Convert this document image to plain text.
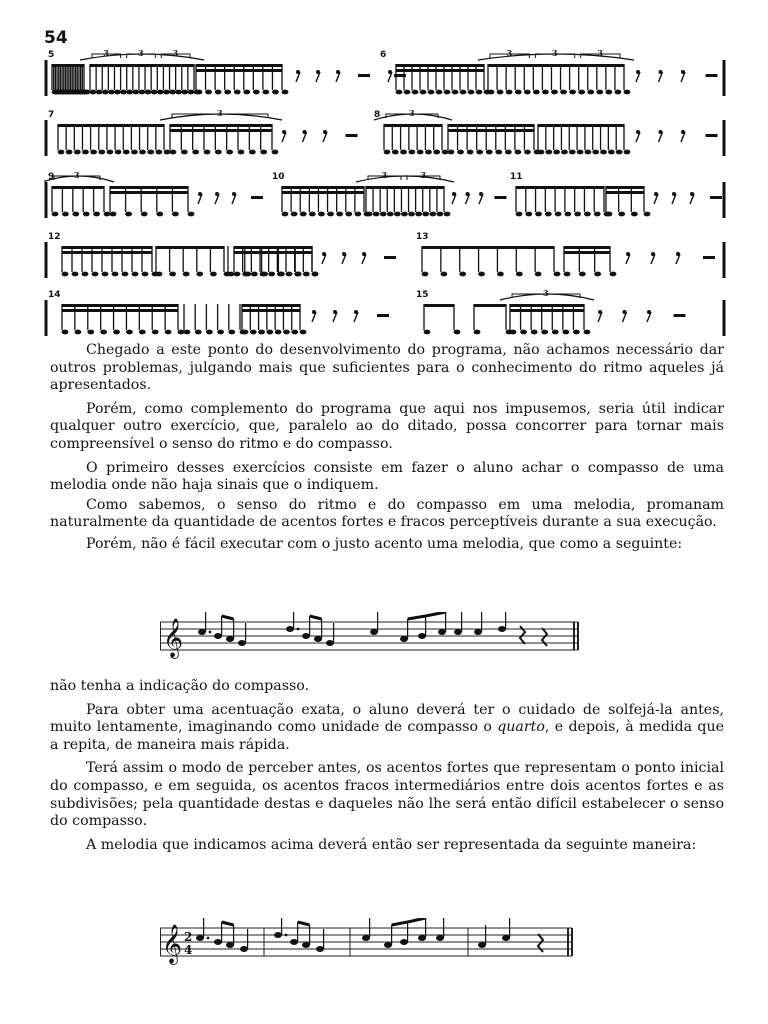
54
5	6
3	3	3	3	3	3
7	8
3	3
9	10	11
3	3	3
12	13
14	15	3

Chegado a este ponto do desenvolvimento do programa, não achamos necessário dar outros problemas, julgando mais que suficientes para o conhecimento do ritmo aqueles já apresentados.

Porém, como complemento do programa que aqui nos impusemos, seria útil indicar qualquer outro exercício, que, paralelo ao do ditado, possa concorrer para tornar mais compreensível o senso do ritmo e do compasso.

O primeiro desses exercícios consiste em fazer o aluno achar o compasso de uma melodia onde não haja sinais que o indiquem.

Como sabemos, o senso do ritmo e do compasso em uma melodia, promanam naturalmente da quantidade de acentos fortes e fracos perceptíveis durante a sua execução.

Porém, não é fácil executar com o justo acento uma melodia, que como a seguinte:

𝄞

não tenha a indicação do compasso.

Para obter uma acentuação exata, o aluno deverá ter o cuidado de solfejá-la antes, muito lentamente, imaginando como unidade de compasso o quarto, e depois, à medida que a repita, de maneira mais rápida.

Terá assim o modo de perceber antes, os acentos fortes que representam o ponto inicial do compasso, e em seguida, os acentos fracos intermediários entre dois acentos fortes e as subdivisões; pela quantidade destas e daqueles não lhe será então difícil estabelecer o senso do compasso.

A melodia que indicamos acima deverá então ser representada da seguinte maneira:

𝄞 2
4
